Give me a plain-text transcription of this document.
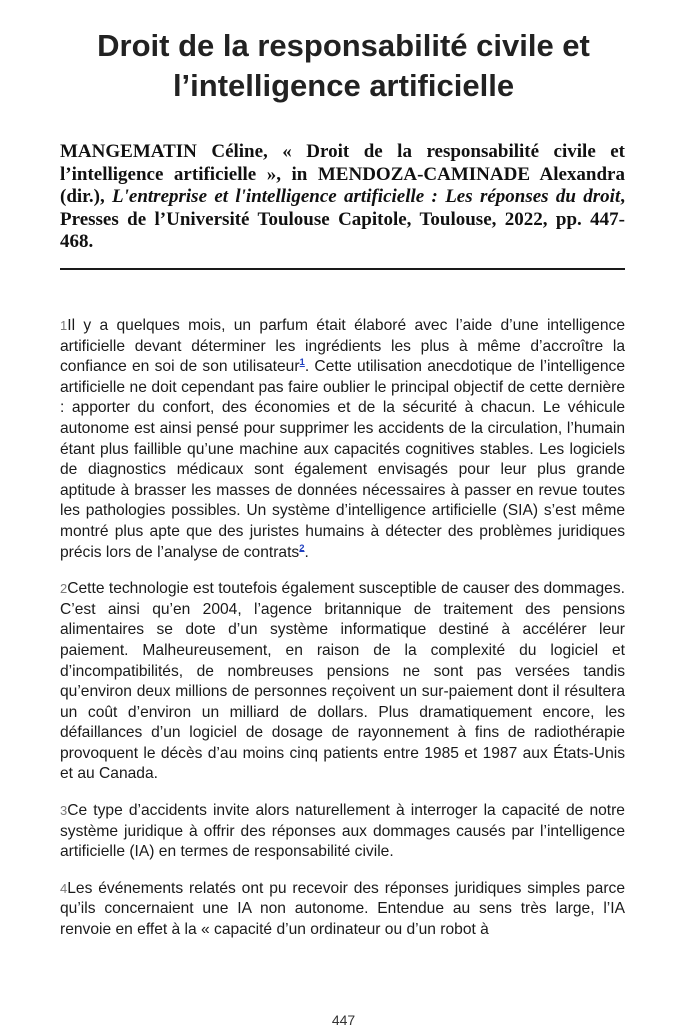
Droit de la responsabilité civile et
l’intelligence artificielle

MANGEMATIN Céline, « Droit de la responsabilité civile et l’intelligence artificielle », in MENDOZA-CAMINADE Alexandra (dir.), L'entreprise et l'intelligence artificielle : Les réponses du droit, Presses de l’Université Toulouse Capitole, Toulouse, 2022, pp. 447-468.

1Il y a quelques mois, un parfum était élaboré avec l’aide d’une intelligence artificielle devant déterminer les ingrédients les plus à même d’accroître la confiance en soi de son utilisateur$^1$. Cette utilisation anecdotique de l’intelligence artificielle ne doit cependant pas faire oublier le principal objectif de cette dernière : apporter du confort, des économies et de la sécurité à chacun. Le véhicule autonome est ainsi pensé pour supprimer les accidents de la circulation, l’humain étant plus faillible qu’une machine aux capacités cognitives stables. Les logiciels de diagnostics médicaux sont également envisagés pour leur plus grande aptitude à brasser les masses de données nécessaires à passer en revue toutes les pathologies possibles. Un système d’intelligence artificielle (SIA) s’est même montré plus apte que des juristes humains à détecter des problèmes juridiques précis lors de l’analyse de contrats$^2$.

2Cette technologie est toutefois également susceptible de causer des dommages. C’est ainsi qu’en 2004, l’agence britannique de traitement des pensions alimentaires se dote d’un système informatique destiné à accélérer leur paiement. Malheureusement, en raison de la complexité du logiciel et d’incompatibilités, de nombreuses pensions ne sont pas versées tandis qu’environ deux millions de personnes reçoivent un sur-paiement dont il résultera un coût d’environ un milliard de dollars. Plus dramatiquement encore, les défaillances d’un logiciel de dosage de rayonnement à fins de radiothérapie provoquent le décès d’au moins cinq patients entre 1985 et 1987 aux États-Unis et au Canada.

3Ce type d’accidents invite alors naturellement à interroger la capacité de notre système juridique à offrir des réponses aux dommages causés par l’intelligence artificielle (IA) en termes de responsabilité civile.

4Les événements relatés ont pu recevoir des réponses juridiques simples parce qu’ils concernaient une IA non autonome. Entendue au sens très large, l’IA renvoie en effet à la « capacité d’un ordinateur ou d’un robot à

447
